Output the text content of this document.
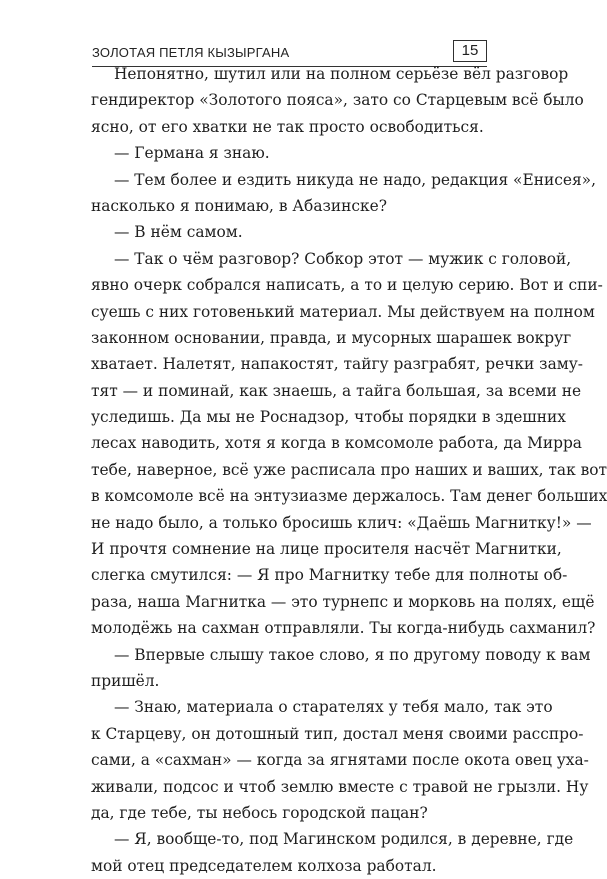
ЗОЛОТАЯ ПЕТЛЯ КЫЗЫРГАНА	15
Непонятно, шутил или на полном серьёзе вёл разговор
гендиректор «Золотого пояса», зато со Старцевым всё было
ясно, от его хватки не так просто освободиться.
— Германа я знаю.
— Тем более и ездить никуда не надо, редакция «Енисея»,
насколько я понимаю, в Абазинске?
— В нём самом.
— Так о чём разговор? Собкор этот — мужик с головой,
явно очерк собрался написать, а то и целую серию. Вот и спи-
суешь с них готовенький материал. Мы действуем на полном
законном основании, правда, и мусорных шарашек вокруг
хватает. Налетят, напакостят, тайгу разграбят, речки заму-
тят — и поминай, как знаешь, а тайга большая, за всеми не
уследишь. Да мы не Роснадзор, чтобы порядки в здешних
лесах наводить, хотя я когда в комсомоле работа, да Мирра
тебе, наверное, всё уже расписала про наших и ваших, так вот
в комсомоле всё на энтузиазме держалось. Там денег больших
не надо было, а только бросишь клич: «Даёшь Магнитку!» —
И прочтя сомнение на лице просителя насчёт Магнитки,
слегка смутился: — Я про Магнитку тебе для полноты об-
раза, наша Магнитка — это турнепс и морковь на полях, ещё
молодёжь на сахман отправляли. Ты когда-нибудь сахманил?
— Впервые слышу такое слово, я по другому поводу к вам
пришёл.
— Знаю, материала о старателях у тебя мало, так это
к Старцеву, он дотошный тип, достал меня своими расспро-
сами, а «сахман» — когда за ягнятами после окота овец уха-
живали, подсос и чтоб землю вместе с травой не грызли. Ну
да, где тебе, ты небось городской пацан?
— Я, вообще-то, под Магинском родился, в деревне, где
мой отец председателем колхоза работал.
